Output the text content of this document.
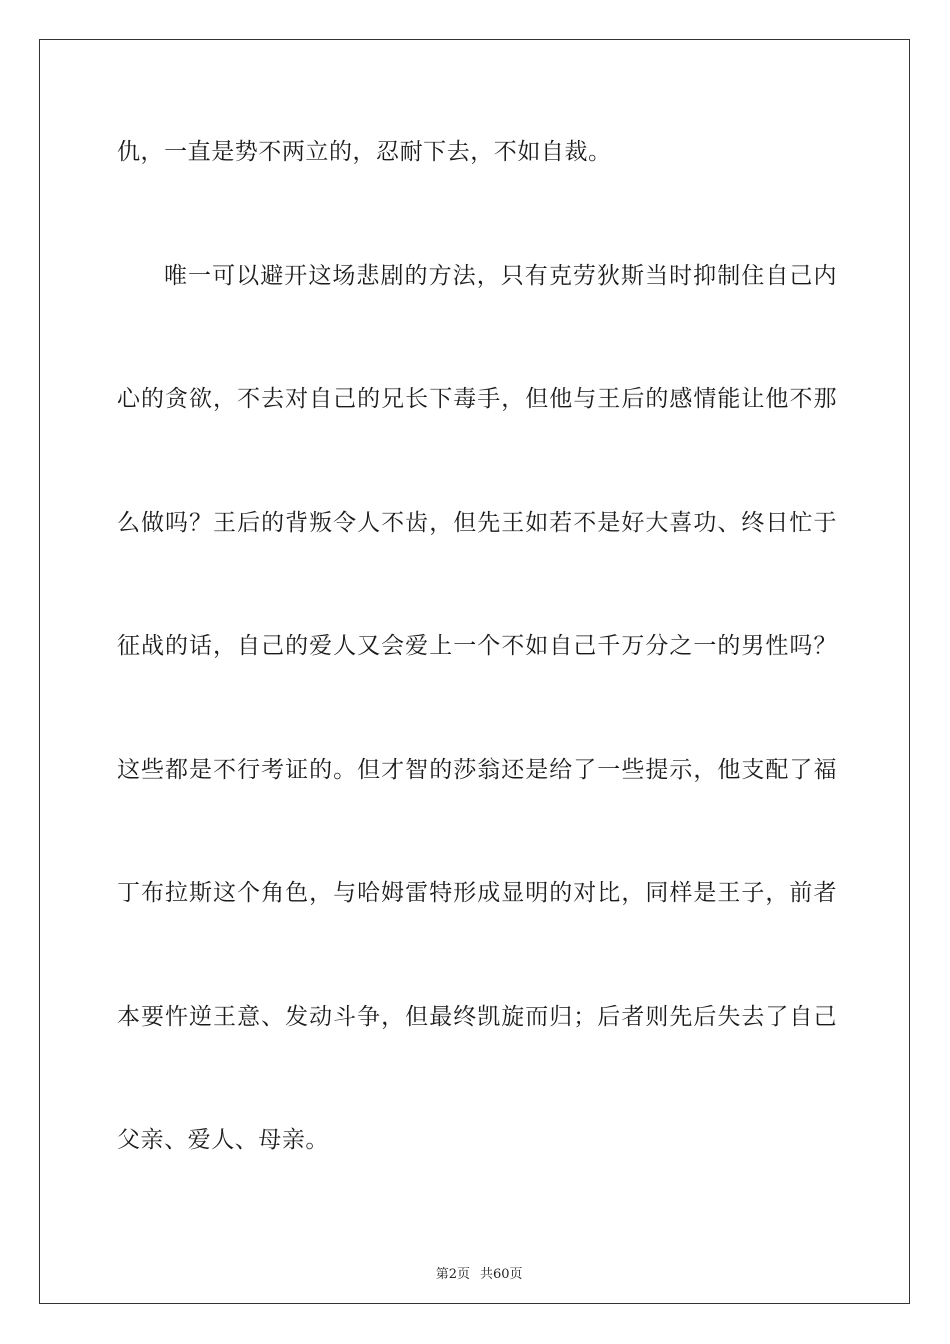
仇，一直是势不两立的，忍耐下去，不如自裁。
唯一可以避开这场悲剧的方法，只有克劳狄斯当时抑制住自己内
心的贪欲，不去对自己的兄长下毒手，但他与王后的感情能让他不那
么做吗？王后的背叛令人不齿，但先王如若不是好大喜功、终日忙于
征战的话，自己的爱人又会爱上一个不如自己千万分之一的男性吗？
这些都是不行考证的。但才智的莎翁还是给了一些提示，他支配了福
丁布拉斯这个角色，与哈姆雷特形成显明的对比，同样是王子，前者
本要忤逆王意、发动斗争，但最终凯旋而归；后者则先后失去了自己
父亲、爱人、母亲。

第2页 共60页
